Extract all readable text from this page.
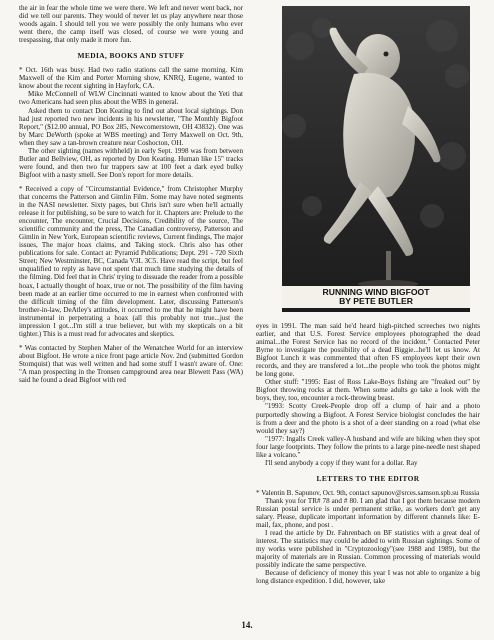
the air in fear the whole time we were there. We left and never went back, nor did we tell our parents. They would of never let us play anywhere near those woods again. I should tell you we were possibly the only humans who ever went there, the camp itself was closed, of course we were young and trespassing, that only made it more fun.

MEDIA, BOOKS AND STUFF

* Oct. 16th was busy. Had two radio stations call the same morning. Kim Maxwell of the Kim and Porter Morning show, KNRQ, Eugene, wanted to know about the recent sighting in Hayfork, CA.

Mike McConnell of WLW Cincinnati wanted to know about the Yeti that two Americans had seen plus about the WBS in general.

Asked them to contact Don Keating to find out about local sightings. Don had just reported two new incidents in his newsletter, "The Monthly Bigfoot Report," ($12.00 annual, PO Box 285, Newcomerstown, OH 43832). One was by Marc DeWorth (spoke at WBS meeting) and Terry Maxwell on Oct. 9th, when they saw a tan-brown creature near Coshocton, OH.

The other sighting (names withheld) in early Sept. 1998 was from between Butler and Bellview, OH, as reported by Don Keating. Human like 15" tracks were found, and then two fur trappers saw at 100 feet a dark eyed bulky Bigfoot with a nasty smell. See Don's report for more details.

* Received a copy of "Circumstantial Evidence," from Christopher Murphy that concerns the Patterson and Gimlin Film. Some may have noted segments in the NASI newsletter. Sixty pages, but Chris isn't sure when he'll actually release it for publishing, so be sure to watch for it. Chapters are: Prelude to the encounter, The encounter, Crucial Decisions, Credibility of the source, The scientific community and the press, The Canadian controversy, Patterson and Gimlin in New York, European scientific reviews, Current findings, The major issues, The major hoax claims, and Taking stock. Chris also has other publications for sale. Contact at: Pyramid Publications; Dept. 291 - 720 Sixth Street; New Westminster, BC, Canada V3L 3C5. Have read the script, but feel unqualified to reply as have not spent that much time studying the details of the filming. Did feel that in Chris' trying to dissuade the reader from a possible hoax, I actually thought of hoax, true or not. The possibility of the film having been made at an earlier time occurred to me in earnest when confronted with the difficult timing of the film development. Later, discussing Patterson's brother-in-law, DeAtley's attitudes, it occurred to me that he might have been instrumental in perpetrating a hoax (all this probably not true...just the impression I got...I'm still a true believer, but with my skepticals on a bit tighter.) This is a must read for advocates and skeptics.

* Was contacted by Stephen Maher of the Wenatchee World for an interview about Bigfoot. He wrote a nice front page article Nov. 2nd (submitted Gordon Stomquist) that was well written and had some stuff I wasn't aware of. One: "A man prospecting in the Tronsen campground area near Blewett Pass (WA) said he found a dead Bigfoot with red

RUNNING WIND BIGFOOT
BY PETE BUTLER

eyes in 1991. The man said he'd heard high-pitched screeches two nights earlier, and that U.S. Forest Service employees photographed the dead animal...the Forest Service has no record of the incident." Contacted Peter Byrne to investigate the possibility of a dead Biggie...he'll let us know. At Bigfoot Lunch it was commented that often FS employees kept their own records, and they are transfered a lot...the people who took the photos might be long gone.

Other stuff: "1995: East of Ross Lake-Boys fishing are "freaked out" by Bigfoot throwing rocks at them. When some adults go take a look with the boys, they, too, encounter a rock-throwing beast.

"1993: Scotty Creek-People drop off a clump of hair and a photo purportedly showing a Bigfoot. A Forest Service biologist concludes the hair is from a deer and the photo is a shot of a deer standing on a road (what else would they say?)

"1977: Ingalls Creek valley-A husband and wife are hiking when they spot four large footprints. They follow the prints to a large pine-needle nest shaped like a volcano."

I'll send anybody a copy if they want for a dollar. Ray

LETTERS TO THE EDITOR

* Valentin B. Sapunov, Oct. 9th, contact sapunov@srces.samson.spb.su Russia

Thank you for TR# 78 and # 80. I am glad that I got them because modern Russian postal service is under permanent strike, as workers don't get any salary. Please, duplicate important information by different channels like: E-mail, fax, phone, and post .

I read the article by Dr. Fahrenbach on BF statistics with a great deal of interest. The statistics may could be added to with Russian sightings. Some of my works were published in "Cryptozoology"(see 1988 and 1989), but the majority of materials are in Russian. Common processing of materials would possibly indicate the same perspective.

Because of deficiency of money this year I was not able to organize a big long distance expedition. I did, however, take

14.
